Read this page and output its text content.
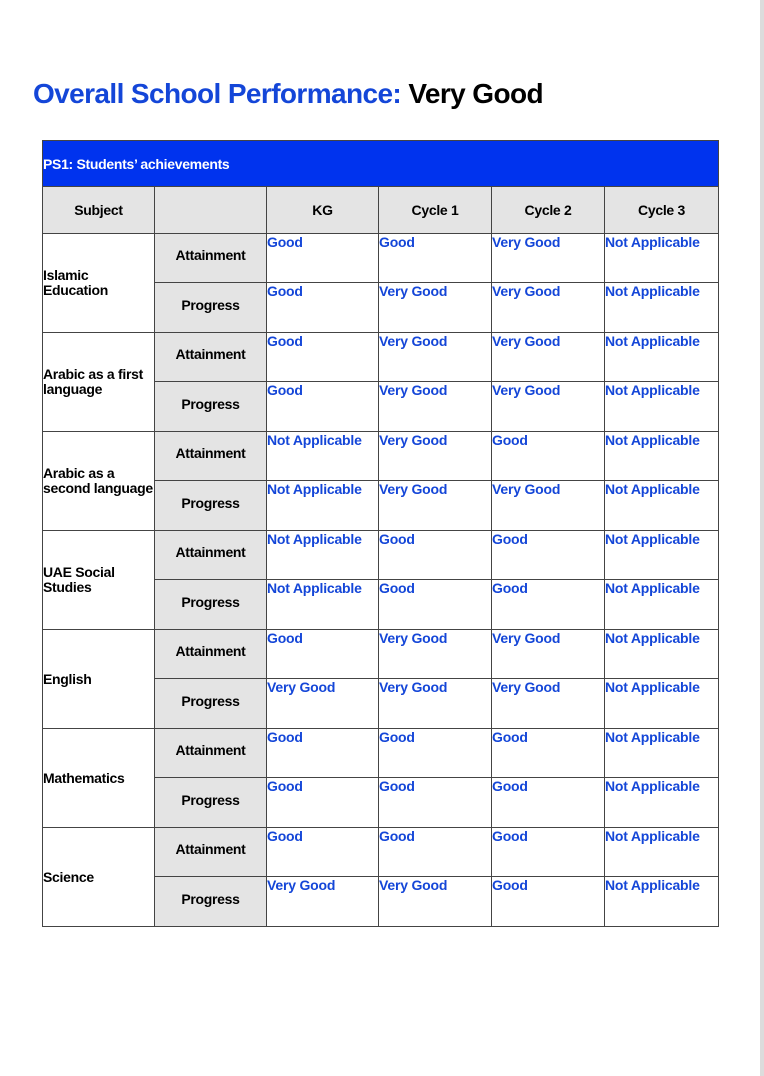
Overall School Performance: Very Good
PS1: Students’ achievements					
Subject		KG	Cycle 1	Cycle 2	Cycle 3
Islamic Education	Attainment	Good	Good	Very Good	Not Applicable
	Progress	Good	Very Good	Very Good	Not Applicable
Arabic as a first language	Attainment	Good	Very Good	Very Good	Not Applicable
	Progress	Good	Very Good	Very Good	Not Applicable
Arabic as a second language	Attainment	Not Applicable	Very Good	Good	Not Applicable
	Progress	Not Applicable	Very Good	Very Good	Not Applicable
UAE Social Studies	Attainment	Not Applicable	Good	Good	Not Applicable
	Progress	Not Applicable	Good	Good	Not Applicable
English	Attainment	Good	Very Good	Very Good	Not Applicable
	Progress	Very Good	Very Good	Very Good	Not Applicable
Mathematics	Attainment	Good	Good	Good	Not Applicable
	Progress	Good	Good	Good	Not Applicable
Science	Attainment	Good	Good	Good	Not Applicable
	Progress	Very Good	Very Good	Good	Not Applicable
